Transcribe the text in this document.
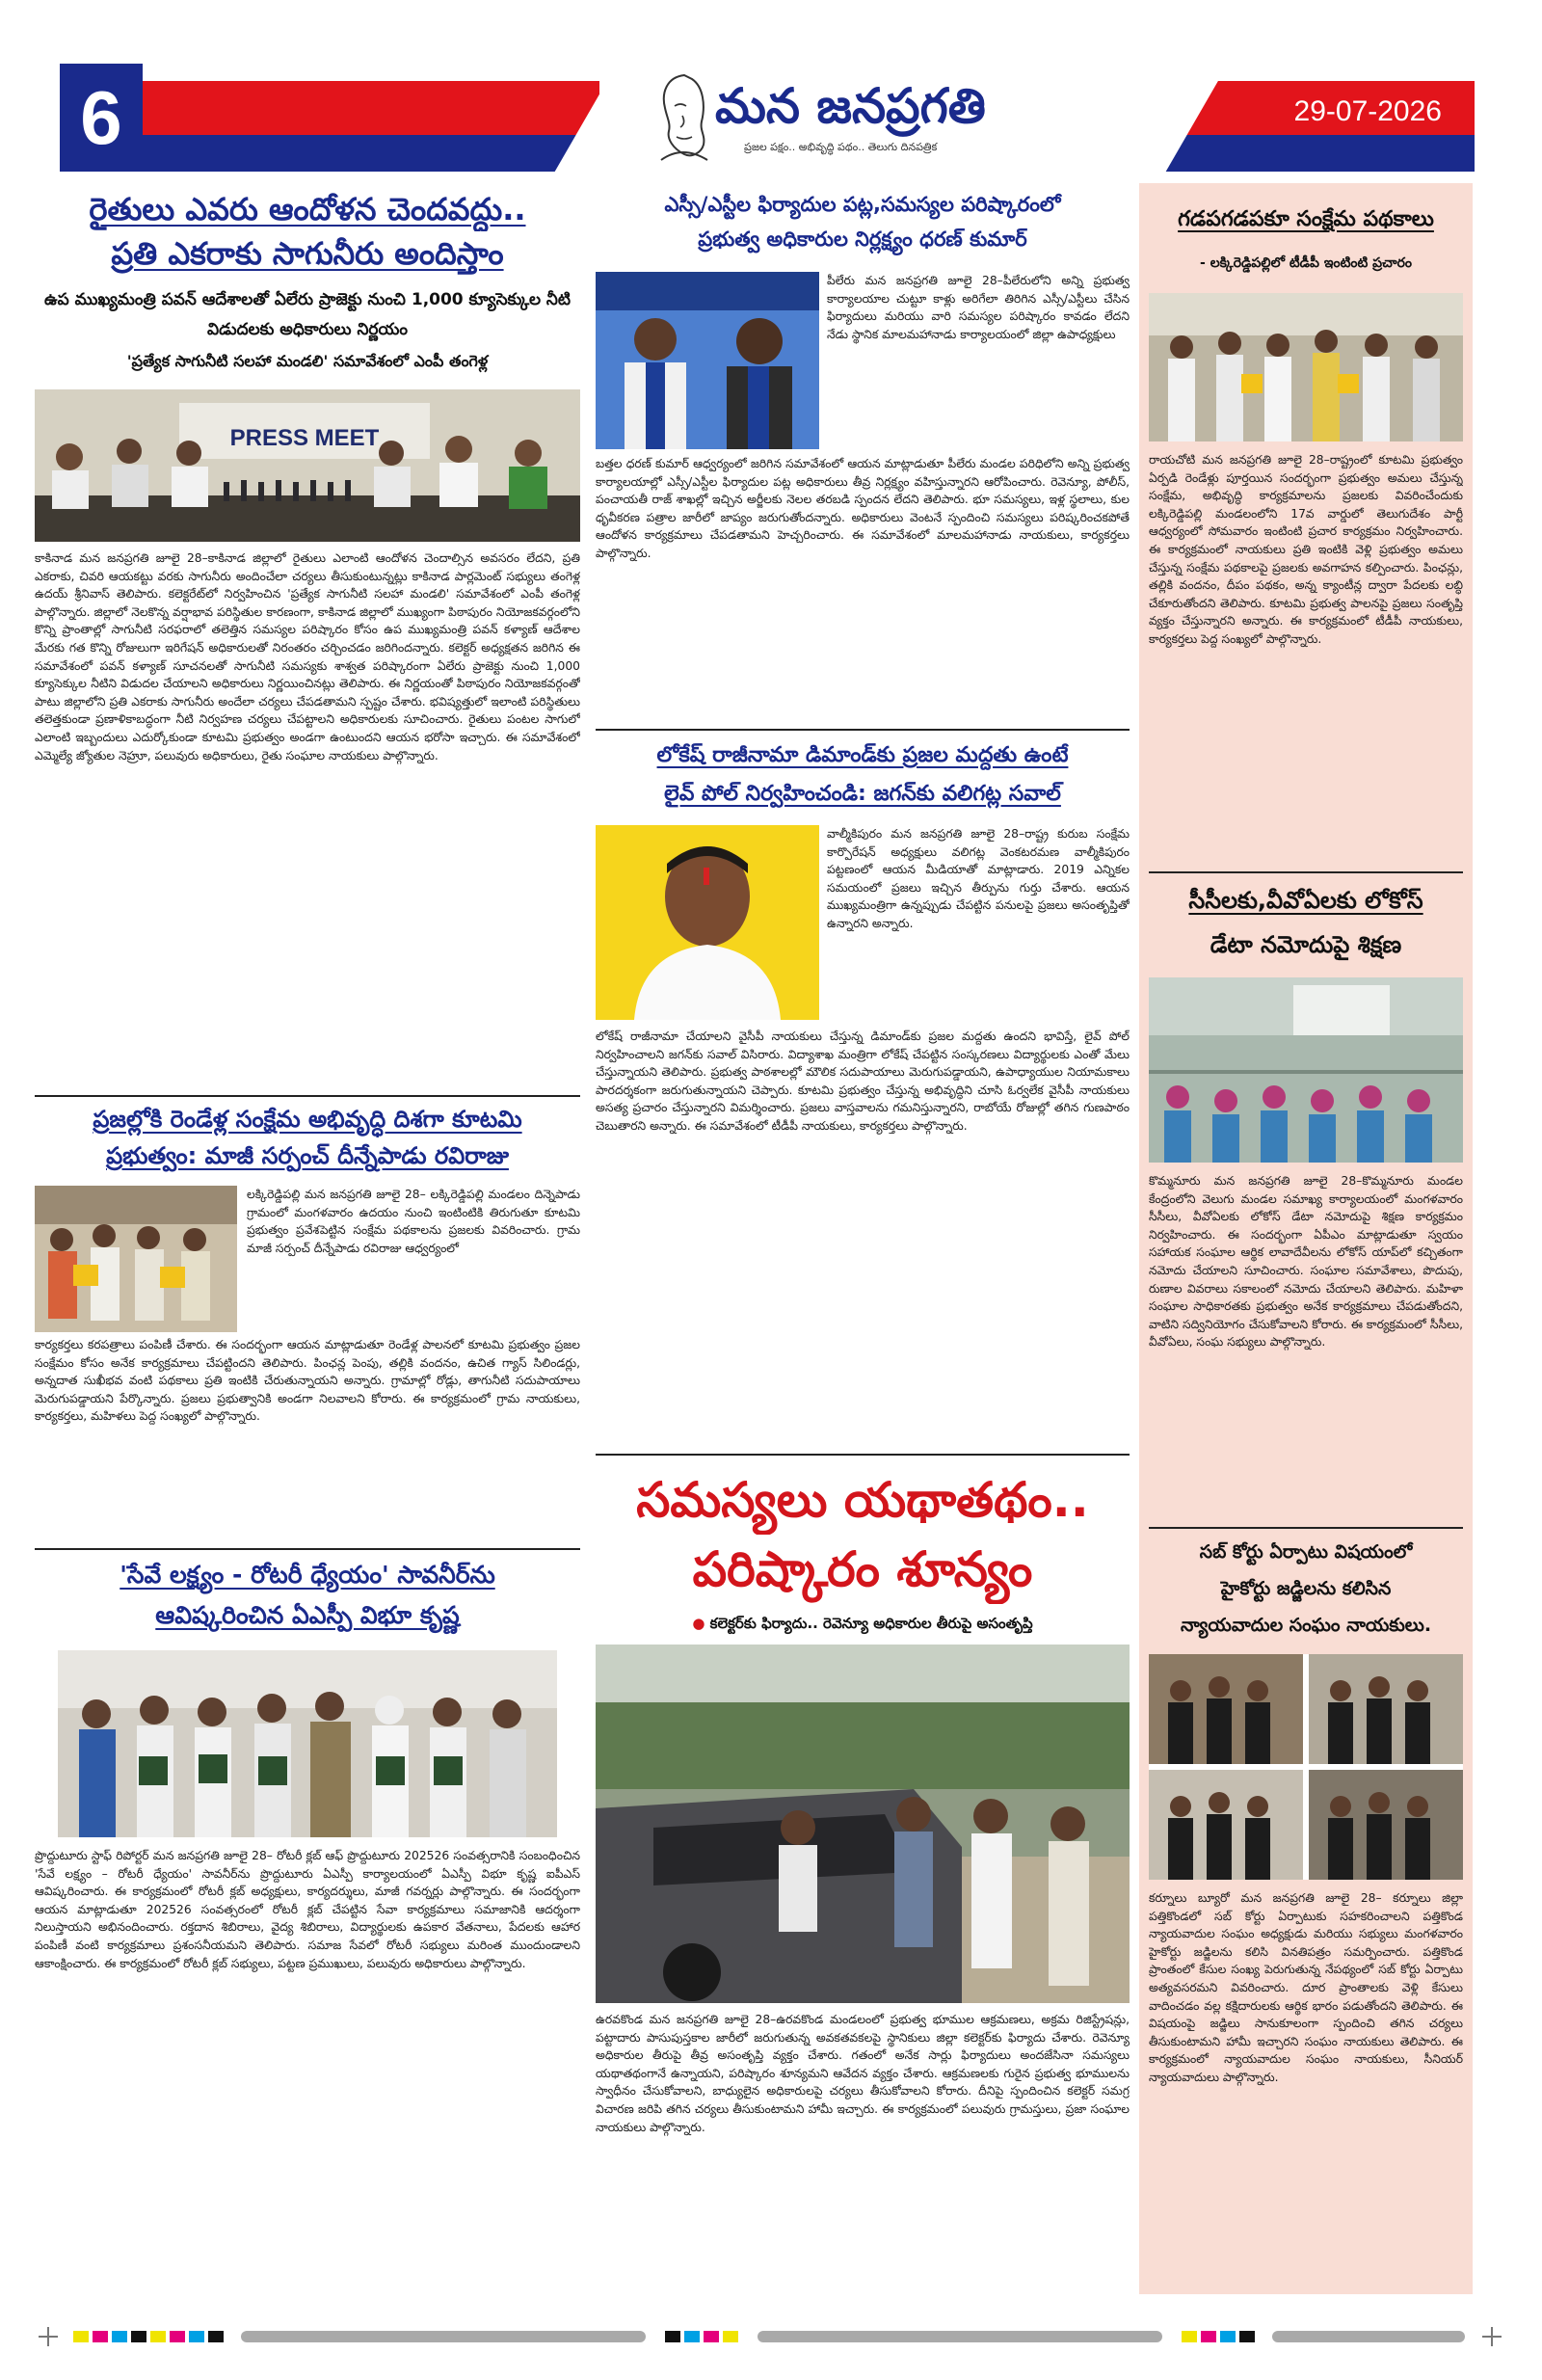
6	మన జనప్రగతి
ప్రజల పక్షం.. అభివృద్ధి పథం.. తెలుగు దినపత్రిక
29-07-2026
రైతులు ఎవరు ఆందోళన చెందవద్దు..
ప్రతి ఎకరాకు సాగునీరు అందిస్తాం
ఉప ముఖ్యమంత్రి పవన్ ఆదేశాలతో ఏలేరు ప్రాజెక్టు నుంచి 1,000 క్యూసెక్కుల నీటి విడుదలకు అధికారులు నిర్ణయం
'ప్రత్యేక సాగునీటి సలహా మండలి' సమావేశంలో ఎంపీ తంగెళ్ల
PRESS MEET
కాకినాడ మన జనప్రగతి జూలై 28–కాకినాడ జిల్లాలో రైతులు ఎలాంటి ఆందోళన చెందాల్సిన అవసరం లేదని, ప్రతి ఎకరాకు, చివరి ఆయకట్టు వరకు సాగునీరు అందించేలా చర్యలు తీసుకుంటున్నట్లు కాకినాడ పార్లమెంట్ సభ్యులు తంగెళ్ల ఉదయ్ శ్రీనివాస్ తెలిపారు. కలెక్టరేట్‌లో నిర్వహించిన 'ప్రత్యేక సాగునీటి సలహా మండలి' సమావేశంలో ఎంపీ తంగెళ్ల పాల్గొన్నారు. జిల్లాలో నెలకొన్న వర్షాభావ పరిస్థితుల కారణంగా, కాకినాడ జిల్లాలో ముఖ్యంగా పిఠాపురం నియోజకవర్గంలోని కొన్ని ప్రాంతాల్లో సాగునీటి సరఫరాలో తలెత్తిన సమస్యల పరిష్కారం కోసం ఉప ముఖ్యమంత్రి పవన్ కళ్యాణ్ ఆదేశాల మేరకు గత కొన్ని రోజులుగా ఇరిగేషన్ అధికారులతో నిరంతరం చర్చించడం జరిగిందన్నారు. కలెక్టర్ అధ్యక్షతన జరిగిన ఈ సమావేశంలో పవన్ కళ్యాణ్ సూచనలతో సాగునీటి సమస్యకు శాశ్వత పరిష్కారంగా ఏలేరు ప్రాజెక్టు నుంచి 1,000 క్యూసెక్కుల నీటిని విడుదల చేయాలని అధికారులు నిర్ణయించినట్లు తెలిపారు. ఈ నిర్ణయంతో పిఠాపురం నియోజకవర్గంతో పాటు జిల్లాలోని ప్రతి ఎకరాకు సాగునీరు అందేలా చర్యలు చేపడతామని స్పష్టం చేశారు. భవిష్యత్తులో ఇలాంటి పరిస్థితులు తలెత్తకుండా ప్రణాళికాబద్ధంగా నీటి నిర్వహణ చర్యలు చేపట్టాలని అధికారులకు సూచించారు. రైతులు పంటల సాగులో ఎలాంటి ఇబ్బందులు ఎదుర్కోకుండా కూటమి ప్రభుత్వం అండగా ఉంటుందని ఆయన భరోసా ఇచ్చారు. ఈ సమావేశంలో ఎమ్మెల్యే జ్యోతుల నెహ్రూ, పలువురు అధికారులు, రైతు సంఘాల నాయకులు పాల్గొన్నారు.
ప్రజల్లోకి రెండేళ్ల సంక్షేమ అభివృద్ధి దిశగా కూటమి
ప్రభుత్వం: మాజీ సర్పంచ్ దీన్నేపాడు రవిరాజు
లక్కిరెడ్డిపల్లి మన జనప్రగతి జూలై 28– లక్కిరెడ్డిపల్లి మండలం దిన్నెపాడు గ్రామంలో మంగళవారం ఉదయం నుంచి ఇంటింటికి తిరుగుతూ కూటమి ప్రభుత్వం ప్రవేశపెట్టిన సంక్షేమ పథకాలను ప్రజలకు వివరించారు. గ్రామ మాజీ సర్పంచ్ దీన్నేపాడు రవిరాజు ఆధ్వర్యంలో
కార్యకర్తలు కరపత్రాలు పంపిణీ చేశారు. ఈ సందర్భంగా ఆయన మాట్లాడుతూ రెండేళ్ల పాలనలో కూటమి ప్రభుత్వం ప్రజల సంక్షేమం కోసం అనేక కార్యక్రమాలు చేపట్టిందని తెలిపారు. పింఛన్ల పెంపు, తల్లికి వందనం, ఉచిత గ్యాస్ సిలిండర్లు, అన్నదాత సుఖీభవ వంటి పథకాలు ప్రతి ఇంటికి చేరుతున్నాయని అన్నారు. గ్రామాల్లో రోడ్లు, తాగునీటి సదుపాయాలు మెరుగుపడ్డాయని పేర్కొన్నారు. ప్రజలు ప్రభుత్వానికి అండగా నిలవాలని కోరారు. ఈ కార్యక్రమంలో గ్రామ నాయకులు, కార్యకర్తలు, మహిళలు పెద్ద సంఖ్యలో పాల్గొన్నారు.
'సేవే లక్ష్యం - రోటరీ ధ్యేయం' సావనీర్‌ను
ఆవిష్కరించిన ఏఎస్పీ విభూ కృష్ణ
ప్రొద్దుటూరు స్టాఫ్ రిపోర్టర్ మన జనప్రగతి జూలై 28– రోటరీ క్లబ్ ఆఫ్ ప్రొద్దుటూరు 202526 సంవత్సరానికి సంబంధించిన 'సేవే లక్ష్యం – రోటరీ ధ్యేయం' సావనీర్‌ను ప్రొద్దుటూరు ఏఎస్పీ కార్యాలయంలో ఏఎస్పీ విభూ కృష్ణ ఐపీఎస్ ఆవిష్కరించారు. ఈ కార్యక్రమంలో రోటరీ క్లబ్ అధ్యక్షులు, కార్యదర్శులు, మాజీ గవర్నర్లు పాల్గొన్నారు. ఈ సందర్భంగా ఆయన మాట్లాడుతూ 202526 సంవత్సరంలో రోటరీ క్లబ్ చేపట్టిన సేవా కార్యక్రమాలు సమాజానికి ఆదర్శంగా నిలుస్తాయని అభినందించారు. రక్తదాన శిబిరాలు, వైద్య శిబిరాలు, విద్యార్థులకు ఉపకార వేతనాలు, పేదలకు ఆహార పంపిణీ వంటి కార్యక్రమాలు ప్రశంసనీయమని తెలిపారు. సమాజ సేవలో రోటరీ సభ్యులు మరింత ముందుండాలని ఆకాంక్షించారు. ఈ కార్యక్రమంలో రోటరీ క్లబ్ సభ్యులు, పట్టణ ప్రముఖులు, పలువురు అధికారులు పాల్గొన్నారు.
ఎస్సీ/ఎస్టీల ఫిర్యాదుల పట్ల,సమస్యల పరిష్కారంలో
ప్రభుత్వ అధికారుల నిర్లక్ష్యం ధరణ్ కుమార్
పీలేరు మన జనప్రగతి జూలై 28–పీలేరులోని అన్ని ప్రభుత్వ కార్యాలయాల చుట్టూ కాళ్లు అరిగేలా తిరిగిన ఎస్సీ/ఎస్టీలు చేసిన ఫిర్యాదులు మరియు వారి సమస్యల పరిష్కారం కావడం లేదని నేడు స్థానిక మాలమహానాడు కార్యాలయంలో జిల్లా ఉపాధ్యక్షులు
బత్తల ధరణ్ కుమార్ ఆధ్వర్యంలో జరిగిన సమావేశంలో ఆయన మాట్లాడుతూ పీలేరు మండల పరిధిలోని అన్ని ప్రభుత్వ కార్యాలయాల్లో ఎస్సీ/ఎస్టీల ఫిర్యాదుల పట్ల అధికారులు తీవ్ర నిర్లక్ష్యం వహిస్తున్నారని ఆరోపించారు. రెవెన్యూ, పోలీస్, పంచాయతీ రాజ్ శాఖల్లో ఇచ్చిన అర్జీలకు నెలల తరబడి స్పందన లేదని తెలిపారు. భూ సమస్యలు, ఇళ్ల స్థలాలు, కుల ధృవీకరణ పత్రాల జారీలో జాప్యం జరుగుతోందన్నారు. అధికారులు వెంటనే స్పందించి సమస్యలు పరిష్కరించకపోతే ఆందోళన కార్యక్రమాలు చేపడతామని హెచ్చరించారు. ఈ సమావేశంలో మాలమహానాడు నాయకులు, కార్యకర్తలు పాల్గొన్నారు.
లోకేష్ రాజీనామా డిమాండ్‌కు ప్రజల మద్దతు ఉంటే
లైవ్ పోల్ నిర్వహించండి: జగన్‌కు వలిగట్ల సవాల్
వాల్మీకిపురం మన జనప్రగతి జూలై 28–రాష్ట్ర కురుబ సంక్షేమ కార్పొరేషన్ అధ్యక్షులు వలిగట్ల వెంకటరమణ వాల్మీకిపురం పట్టణంలో ఆయన మీడియాతో మాట్లాడారు. 2019 ఎన్నికల సమయంలో ప్రజలు ఇచ్చిన తీర్పును గుర్తు చేశారు. ఆయన ముఖ్యమంత్రిగా ఉన్నప్పుడు చేపట్టిన పనులపై ప్రజలు అసంతృప్తితో ఉన్నారని అన్నారు.
లోకేష్ రాజీనామా చేయాలని వైసీపీ నాయకులు చేస్తున్న డిమాండ్‌కు ప్రజల మద్దతు ఉందని భావిస్తే, లైవ్ పోల్ నిర్వహించాలని జగన్‌కు సవాల్ విసిరారు. విద్యాశాఖ మంత్రిగా లోకేష్ చేపట్టిన సంస్కరణలు విద్యార్థులకు ఎంతో మేలు చేస్తున్నాయని తెలిపారు. ప్రభుత్వ పాఠశాలల్లో మౌలిక సదుపాయాలు మెరుగుపడ్డాయని, ఉపాధ్యాయుల నియామకాలు పారదర్శకంగా జరుగుతున్నాయని చెప్పారు. కూటమి ప్రభుత్వం చేస్తున్న అభివృద్ధిని చూసి ఓర్వలేక వైసీపీ నాయకులు అసత్య ప్రచారం చేస్తున్నారని విమర్శించారు. ప్రజలు వాస్తవాలను గమనిస్తున్నారని, రాబోయే రోజుల్లో తగిన గుణపాఠం చెబుతారని అన్నారు. ఈ సమావేశంలో టీడీపీ నాయకులు, కార్యకర్తలు పాల్గొన్నారు.
సమస్యలు యథాతథం..
పరిష్కారం శూన్యం
● కలెక్టర్‌కు ఫిర్యాదు.. రెవెన్యూ అధికారుల తీరుపై అసంతృప్తి
ఉరవకొండ మన జనప్రగతి జూలై 28–ఉరవకొండ మండలంలో ప్రభుత్వ భూముల ఆక్రమణలు, అక్రమ రిజిస్ట్రేషన్లు, పట్టాదారు పాసుపుస్తకాల జారీలో జరుగుతున్న అవకతవకలపై స్థానికులు జిల్లా కలెక్టర్‌కు ఫిర్యాదు చేశారు. రెవెన్యూ అధికారుల తీరుపై తీవ్ర అసంతృప్తి వ్యక్తం చేశారు. గతంలో అనేక సార్లు ఫిర్యాదులు అందజేసినా సమస్యలు యథాతథంగానే ఉన్నాయని, పరిష్కారం శూన్యమని ఆవేదన వ్యక్తం చేశారు. ఆక్రమణలకు గురైన ప్రభుత్వ భూములను స్వాధీనం చేసుకోవాలని, బాధ్యులైన అధికారులపై చర్యలు తీసుకోవాలని కోరారు. దీనిపై స్పందించిన కలెక్టర్ సమగ్ర విచారణ జరిపి తగిన చర్యలు తీసుకుంటామని హామీ ఇచ్చారు. ఈ కార్యక్రమంలో పలువురు గ్రామస్తులు, ప్రజా సంఘాల నాయకులు పాల్గొన్నారు.
గడపగడపకూ సంక్షేమ పథకాలు
- లక్కిరెడ్డిపల్లిలో టీడీపీ ఇంటింటి ప్రచారం
రాయచోటి మన జనప్రగతి జూలై 28–రాష్ట్రంలో కూటమి ప్రభుత్వం ఏర్పడి రెండేళ్లు పూర్తయిన సందర్భంగా ప్రభుత్వం అమలు చేస్తున్న సంక్షేమ, అభివృద్ధి కార్యక్రమాలను ప్రజలకు వివరించేందుకు లక్కిరెడ్డిపల్లి మండలంలోని 17వ వార్డులో తెలుగుదేశం పార్టీ ఆధ్వర్యంలో సోమవారం ఇంటింటి ప్రచార కార్యక్రమం నిర్వహించారు. ఈ కార్యక్రమంలో నాయకులు ప్రతి ఇంటికి వెళ్లి ప్రభుత్వం అమలు చేస్తున్న సంక్షేమ పథకాలపై ప్రజలకు అవగాహన కల్పించారు. పింఛన్లు, తల్లికి వందనం, దీపం పథకం, అన్న క్యాంటీన్ల ద్వారా పేదలకు లబ్ధి చేకూరుతోందని తెలిపారు. కూటమి ప్రభుత్వ పాలనపై ప్రజలు సంతృప్తి వ్యక్తం చేస్తున్నారని అన్నారు. ఈ కార్యక్రమంలో టీడీపీ నాయకులు, కార్యకర్తలు పెద్ద సంఖ్యలో పాల్గొన్నారు.
సీసీలకు,వీవోఏలకు లోకోస్
డేటా నమోదుపై శిక్షణ
కొమ్మనూరు మన జనప్రగతి జూలై 28–కొమ్మనూరు మండల కేంద్రంలోని వెలుగు మండల సమాఖ్య కార్యాలయంలో మంగళవారం సీసీలు, వీవోఏలకు లోకోస్ డేటా నమోదుపై శిక్షణ కార్యక్రమం నిర్వహించారు. ఈ సందర్భంగా ఏపీఎం మాట్లాడుతూ స్వయం సహాయక సంఘాల ఆర్థిక లావాదేవీలను లోకోస్ యాప్‌లో కచ్చితంగా నమోదు చేయాలని సూచించారు. సంఘాల సమావేశాలు, పొదుపు, రుణాల వివరాలు సకాలంలో నమోదు చేయాలని తెలిపారు. మహిళా సంఘాల సాధికారతకు ప్రభుత్వం అనేక కార్యక్రమాలు చేపడుతోందని, వాటిని సద్వినియోగం చేసుకోవాలని కోరారు. ఈ కార్యక్రమంలో సీసీలు, వీవోఏలు, సంఘ సభ్యులు పాల్గొన్నారు.
సబ్ కోర్టు ఏర్పాటు విషయంలో
హైకోర్టు జడ్జిలను కలిసిన
న్యాయవాదుల సంఘం నాయకులు.
కర్నూలు బ్యూరో మన జనప్రగతి జూలై 28– కర్నూలు జిల్లా పత్తికొండలో సబ్ కోర్టు ఏర్పాటుకు సహకరించాలని పత్తికొండ న్యాయవాదుల సంఘం అధ్యక్షుడు మరియు సభ్యులు మంగళవారం హైకోర్టు జడ్జిలను కలిసి వినతిపత్రం సమర్పించారు. పత్తికొండ ప్రాంతంలో కేసుల సంఖ్య పెరుగుతున్న నేపథ్యంలో సబ్ కోర్టు ఏర్పాటు అత్యవసరమని వివరించారు. దూర ప్రాంతాలకు వెళ్లి కేసులు వాదించడం వల్ల కక్షిదారులకు ఆర్థిక భారం పడుతోందని తెలిపారు. ఈ విషయంపై జడ్జిలు సానుకూలంగా స్పందించి తగిన చర్యలు తీసుకుంటామని హామీ ఇచ్చారని సంఘం నాయకులు తెలిపారు. ఈ కార్యక్రమంలో న్యాయవాదుల సంఘం నాయకులు, సీనియర్ న్యాయవాదులు పాల్గొన్నారు.
